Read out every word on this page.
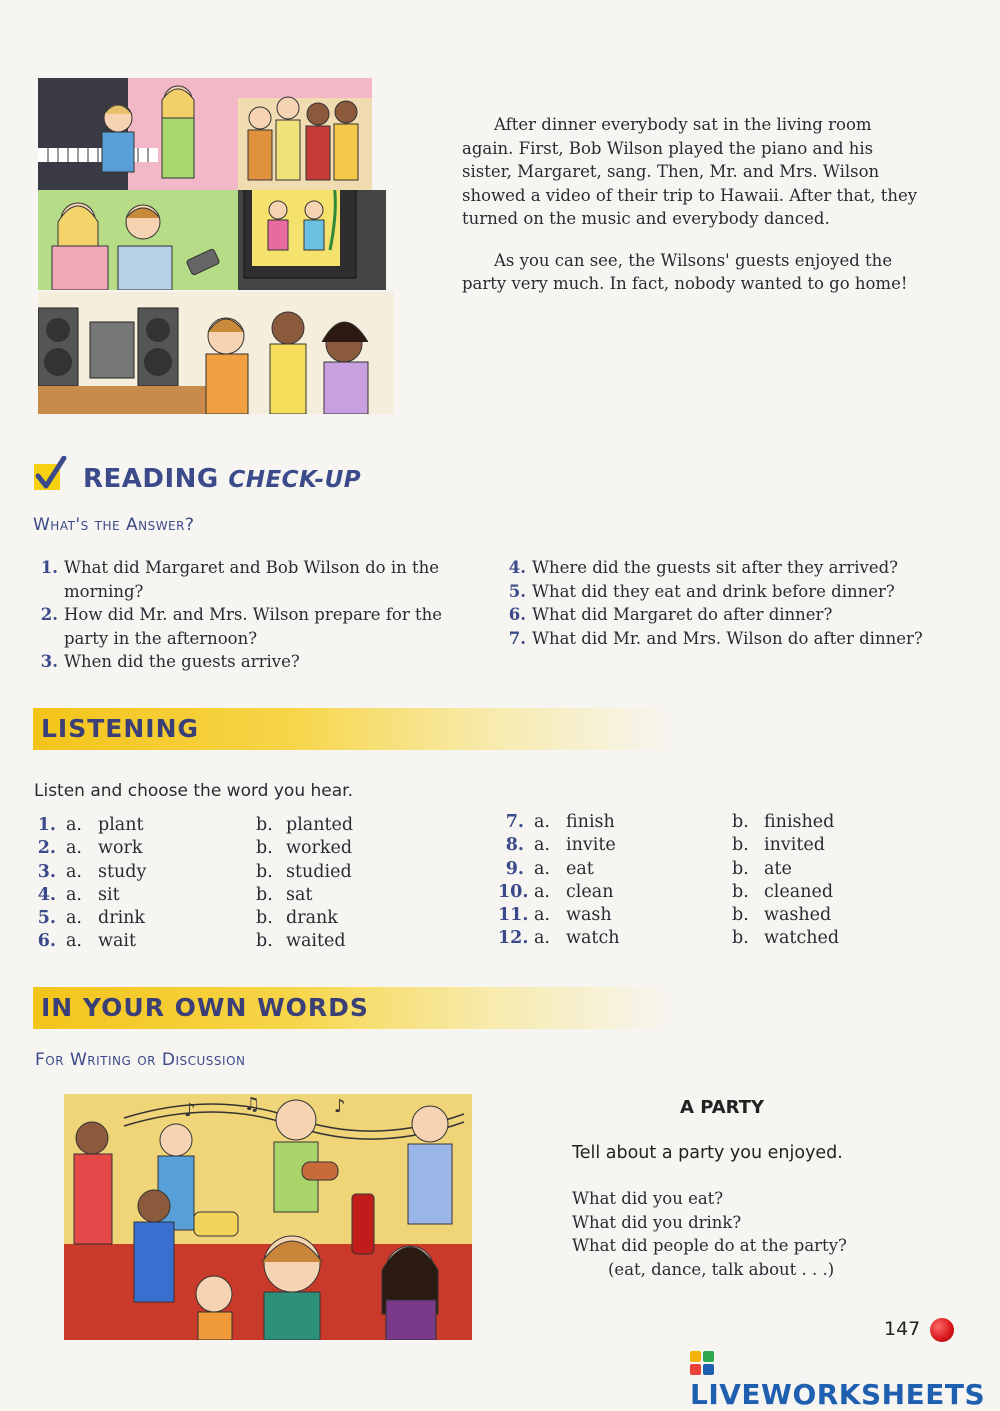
After dinner everybody sat in the living room again. First, Bob Wilson played the piano and his sister, Margaret, sang. Then, Mr. and Mrs. Wilson showed a video of their trip to Hawaii. After that, they turned on the music and everybody danced.

As you can see, the Wilsons' guests enjoyed the party very much. In fact, nobody wanted to go home!

READING CHECK-UP
What's the Answer?
1. What did Margaret and Bob Wilson do in the morning?
2. How did Mr. and Mrs. Wilson prepare for the party in the afternoon?
3. When did the guests arrive?
4. Where did the guests sit after they arrived?
5. What did they eat and drink before dinner?
6. What did Margaret do after dinner?
7. What did Mr. and Mrs. Wilson do after dinner?
LISTENING
Listen and choose the word you hear.
1. a. plant	b. planted
2. a. work	b. worked
3. a. study	b. studied
4. a. sit	b. sat
5. a. drink	b. drank
6. a. wait	b. waited
7. a. finish	b. finished
8. a. invite	b. invited
9. a. eat	b. ate
10. a. clean	b. cleaned
11. a. wash	b. washed
12. a. watch	b. watched
IN YOUR OWN WORDS
For Writing or Discussion
♪	♫	♪	A PARTY
Tell about a party you enjoyed.
What did you eat?
What did you drink?
What did people do at the party?
(eat, dance, talk about . . .)
147
LIVEWORKSHEETS
